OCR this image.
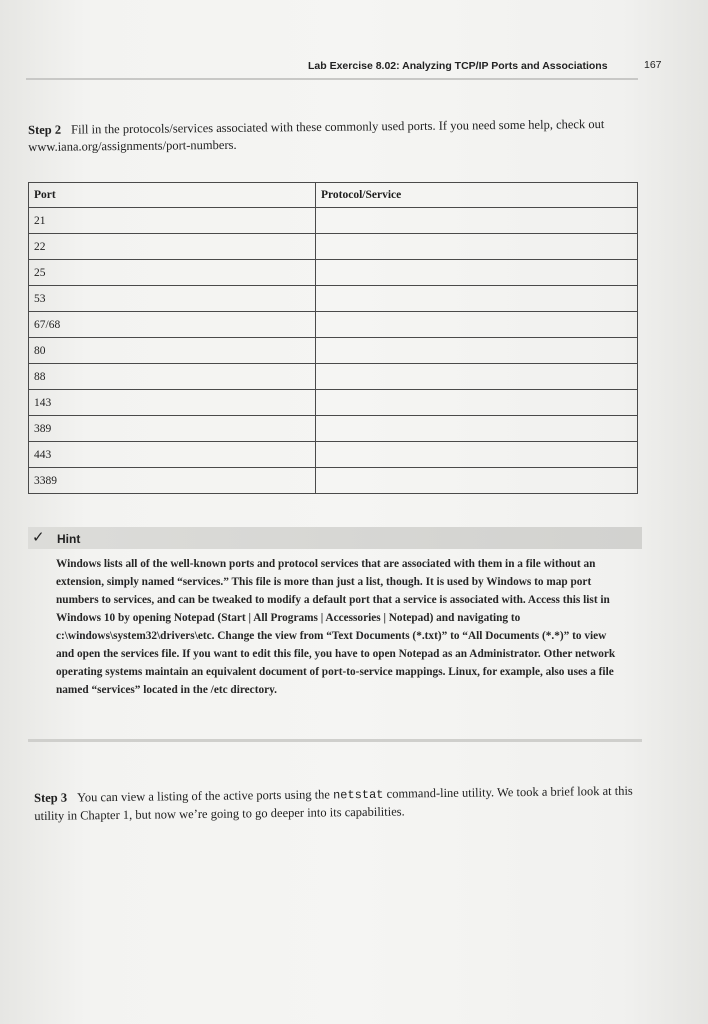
Lab Exercise 8.02: Analyzing TCP/IP Ports and Associations	167
Step 2 Fill in the protocols/services associated with these commonly used ports. If you need some help, check out www.iana.org/assignments/port-numbers.
Port	Protocol/Service
21	
22	
25	
53	
67/68	
80	
88	
143	
389	
443	
3389	
✓ Hint
Windows lists all of the well-known ports and protocol services that are associated with them in a file without an extension, simply named “services.” This file is more than just a list, though. It is used by Windows to map port numbers to services, and can be tweaked to modify a default port that a service is associated with. Access this list in Windows 10 by opening Notepad (Start | All Programs | Accessories | Notepad) and navigating to c:\windows\system32\drivers\etc. Change the view from “Text Documents (*.txt)” to “All Documents (*.*)” to view and open the services file. If you want to edit this file, you have to open Notepad as an Administrator. Other network operating systems maintain an equivalent document of port-to-service mappings. Linux, for example, also uses a file named “services” located in the /etc directory.
Step 3 You can view a listing of the active ports using the netstat command-line utility. We took a brief look at this utility in Chapter 1, but now we’re going to go deeper into its capabilities.
